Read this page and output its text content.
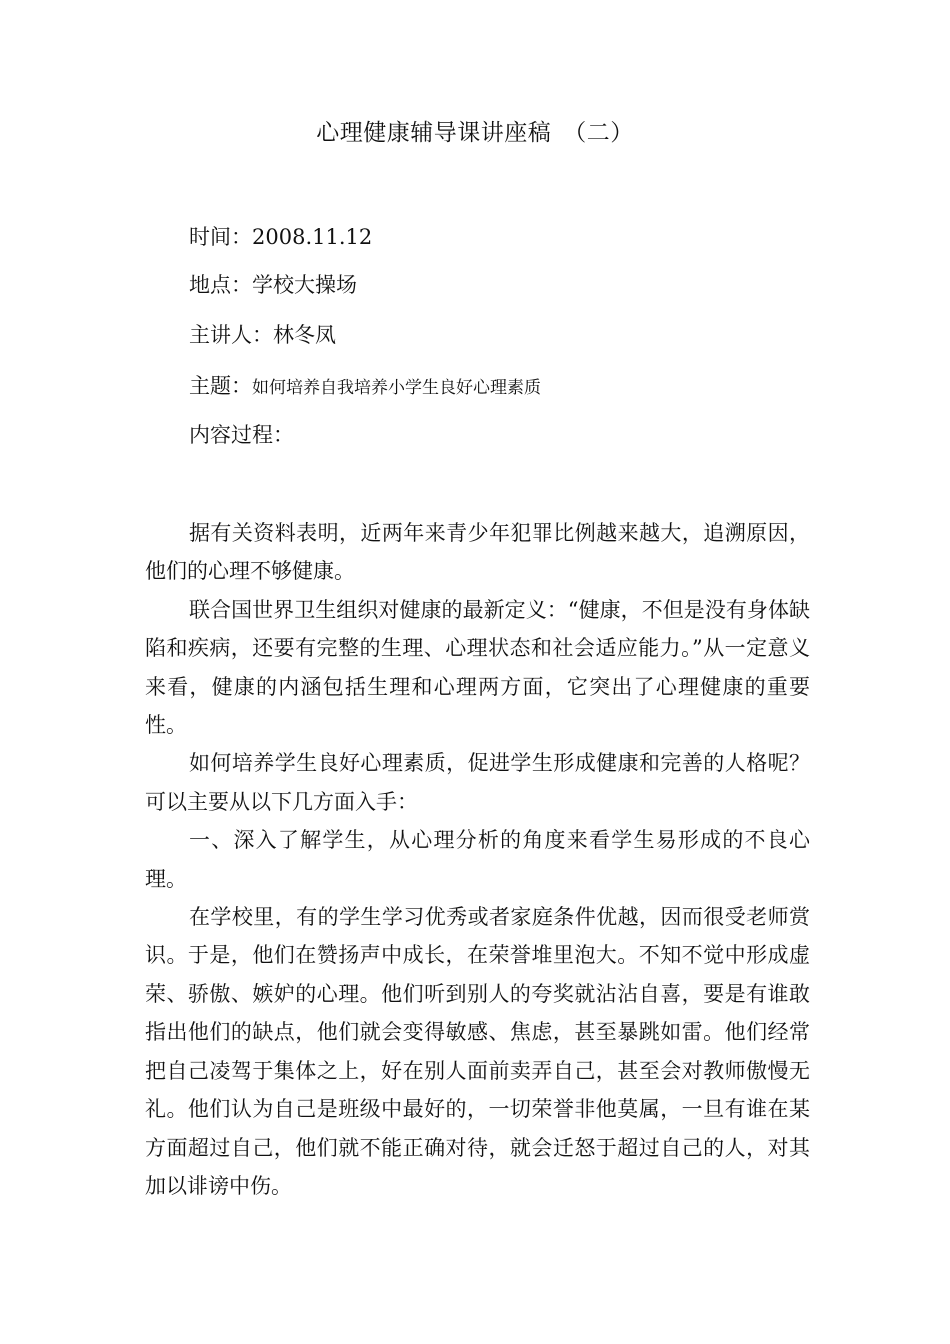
心理健康辅导课讲座稿　（二）
时间：2008.11.12
地点：学校大操场
主讲人：林冬凤
主题：如何培养自我培养小学生良好心理素质
内容过程：

据有关资料表明，近两年来青少年犯罪比例越来越大，追溯原因，他们的心理不够健康。

联合国世界卫生组织对健康的最新定义：“健康，不但是没有身体缺陷和疾病，还要有完整的生理、心理状态和社会适应能力。”从一定意义来看，健康的内涵包括生理和心理两方面，它突出了心理健康的重要性。

如何培养学生良好心理素质，促进学生形成健康和完善的人格呢？可以主要从以下几方面入手：

一、深入了解学生，从心理分析的角度来看学生易形成的不良心理。

在学校里，有的学生学习优秀或者家庭条件优越，因而很受老师赏识。于是，他们在赞扬声中成长，在荣誉堆里泡大。不知不觉中形成虚荣、骄傲、嫉妒的心理。他们听到别人的夸奖就沾沾自喜，要是有谁敢指出他们的缺点，他们就会变得敏感、焦虑，甚至暴跳如雷。他们经常把自己凌驾于集体之上，好在别人面前卖弄自己，甚至会对教师傲慢无礼。他们认为自己是班级中最好的，一切荣誉非他莫属，一旦有谁在某方面超过自己，他们就不能正确对待，就会迁怒于超过自己的人，对其加以诽谤中伤。
